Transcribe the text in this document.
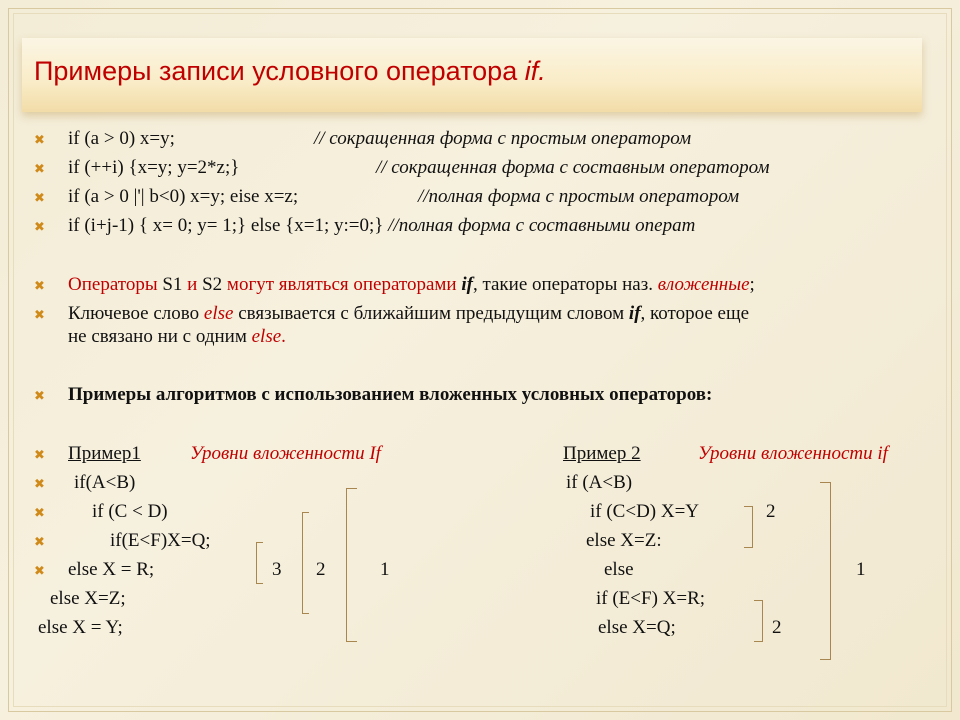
Примеры записи условного оператора if.
✖
✖
✖
✖
✖
✖
✖
✖
✖
✖
✖
✖
if (a > 0) x=y;	// сокращенная форма с простым оператором
if (++i) {x=y; y=2*z;}	// сокращенная форма с составным оператором
if (a > 0 |'| b<0) x=y; eise x=z;	//полная форма с простым оператором
if (i+j-1) { x= 0; y= 1;} else {x=1; y:=0;} //полная форма с составными операт
Операторы S1 и S2 могут являться операторами if, такие операторы наз. вложенные;
Ключевое слово else связывается с ближайшим предыдущим словом if, которое еще
не связано ни с одним else.
Примеры алгоритмов с использованием вложенных условных операторов:
Пример1	Уровни вложенности If
if(A<B)
if (C < D)
if(E<F)X=Q;
else X = R;
else X=Z;
else X = Y;
3 2	1
Пример 2	Уровни вложенности if
if (A<B)
if (C<D) X=Y
else X=Z:
else
if (E<F) X=R;
else X=Q;
2
1
2
